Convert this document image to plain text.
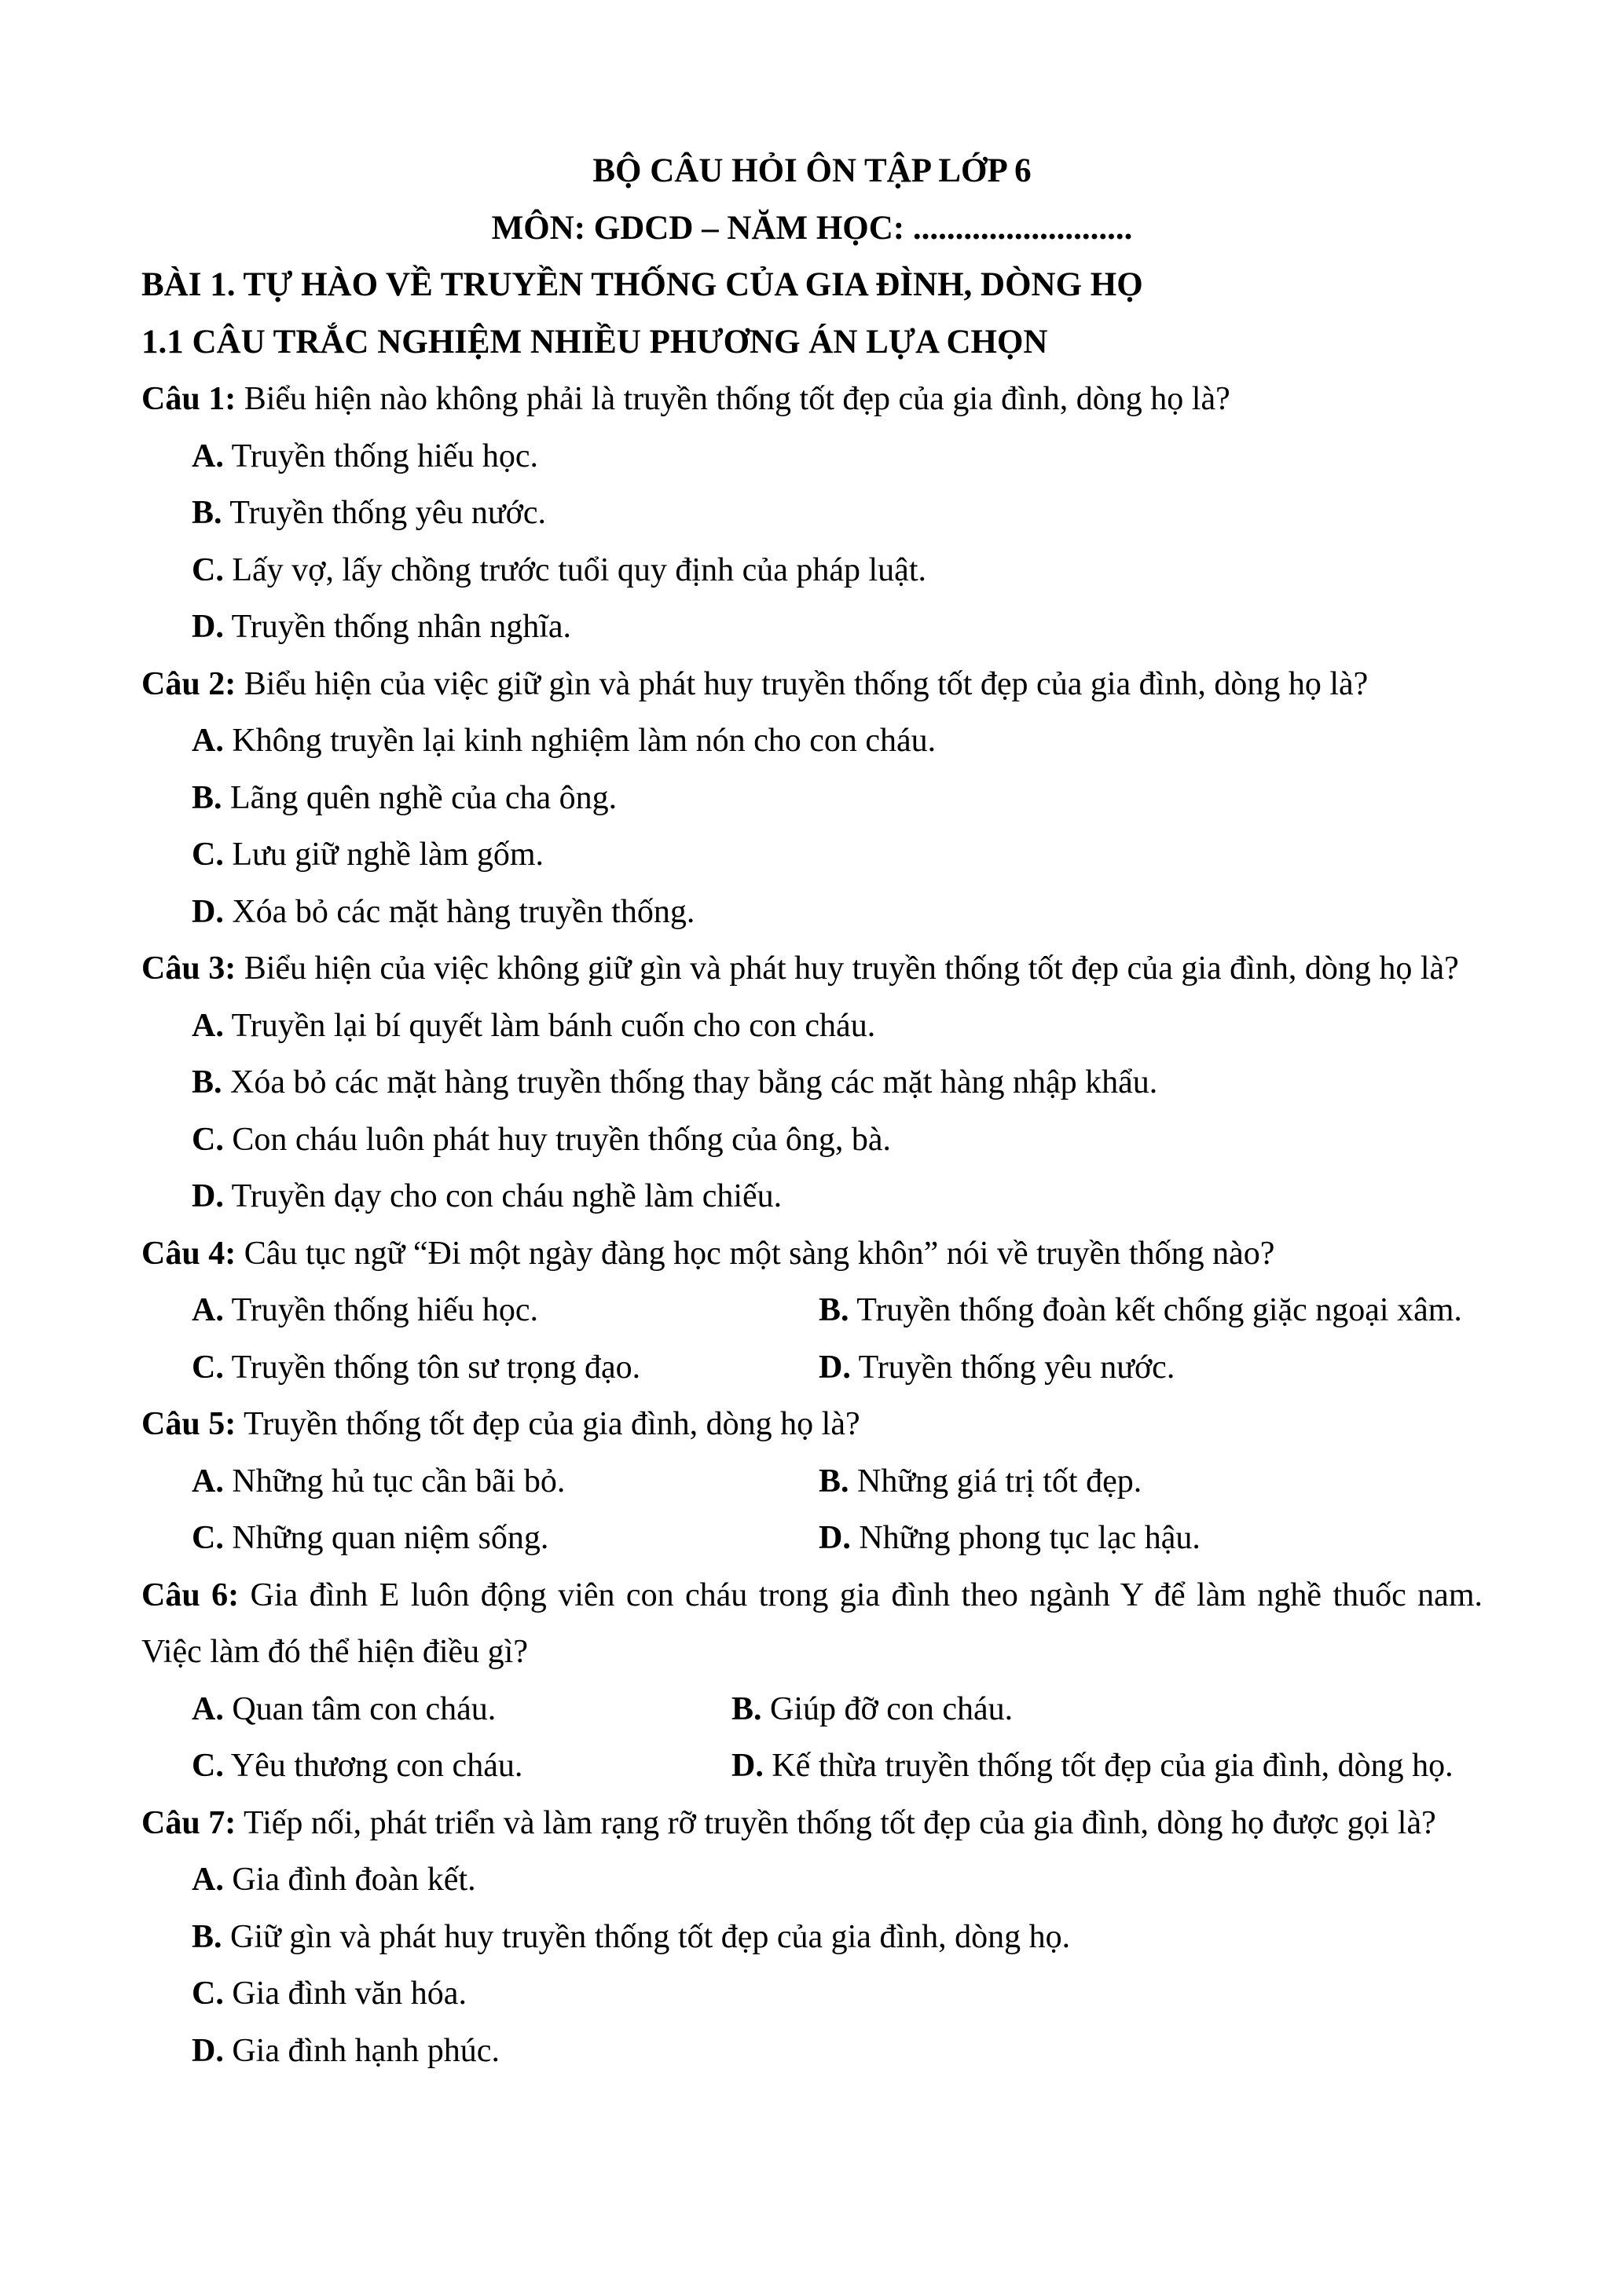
BỘ CÂU HỎI ÔN TẬP LỚP 6

MÔN: GDCD – NĂM HỌC: ..........................

BÀI 1. TỰ HÀO VỀ TRUYỀN THỐNG CỦA GIA ĐÌNH, DÒNG HỌ

1.1 CÂU TRẮC NGHIỆM NHIỀU PHƯƠNG ÁN LỰA CHỌN

Câu 1: Biểu hiện nào không phải là truyền thống tốt đẹp của gia đình, dòng họ là?

A. Truyền thống hiếu học.

B. Truyền thống yêu nước.

C. Lấy vợ, lấy chồng trước tuổi quy định của pháp luật.

D. Truyền thống nhân nghĩa.

Câu 2: Biểu hiện của việc giữ gìn và phát huy truyền thống tốt đẹp của gia đình, dòng họ là?

A. Không truyền lại kinh nghiệm làm nón cho con cháu.

B. Lãng quên nghề của cha ông.

C. Lưu giữ nghề làm gốm.

D. Xóa bỏ các mặt hàng truyền thống.

Câu 3: Biểu hiện của việc không giữ gìn và phát huy truyền thống tốt đẹp của gia đình, dòng họ là?

A. Truyền lại bí quyết làm bánh cuốn cho con cháu.

B. Xóa bỏ các mặt hàng truyền thống thay bằng các mặt hàng nhập khẩu.

C. Con cháu luôn phát huy truyền thống của ông, bà.

D. Truyền dạy cho con cháu nghề làm chiếu.

Câu 4: Câu tục ngữ “Đi một ngày đàng học một sàng khôn” nói về truyền thống nào?

A. Truyền thống hiếu học.	B. Truyền thống đoàn kết chống giặc ngoại xâm.

C. Truyền thống tôn sư trọng đạo.	D. Truyền thống yêu nước.

Câu 5: Truyền thống tốt đẹp của gia đình, dòng họ là?

A. Những hủ tục cần bãi bỏ.	B. Những giá trị tốt đẹp.

C. Những quan niệm sống.	D. Những phong tục lạc hậu.

Câu 6: Gia đình E luôn động viên con cháu trong gia đình theo ngành Y để làm nghề thuốc nam.

Việc làm đó thể hiện điều gì?

A. Quan tâm con cháu.	B. Giúp đỡ con cháu.

C. Yêu thương con cháu.	D. Kế thừa truyền thống tốt đẹp của gia đình, dòng họ.

Câu 7: Tiếp nối, phát triển và làm rạng rỡ truyền thống tốt đẹp của gia đình, dòng họ được gọi là?

A. Gia đình đoàn kết.

B. Giữ gìn và phát huy truyền thống tốt đẹp của gia đình, dòng họ.

C. Gia đình văn hóa.

D. Gia đình hạnh phúc.
